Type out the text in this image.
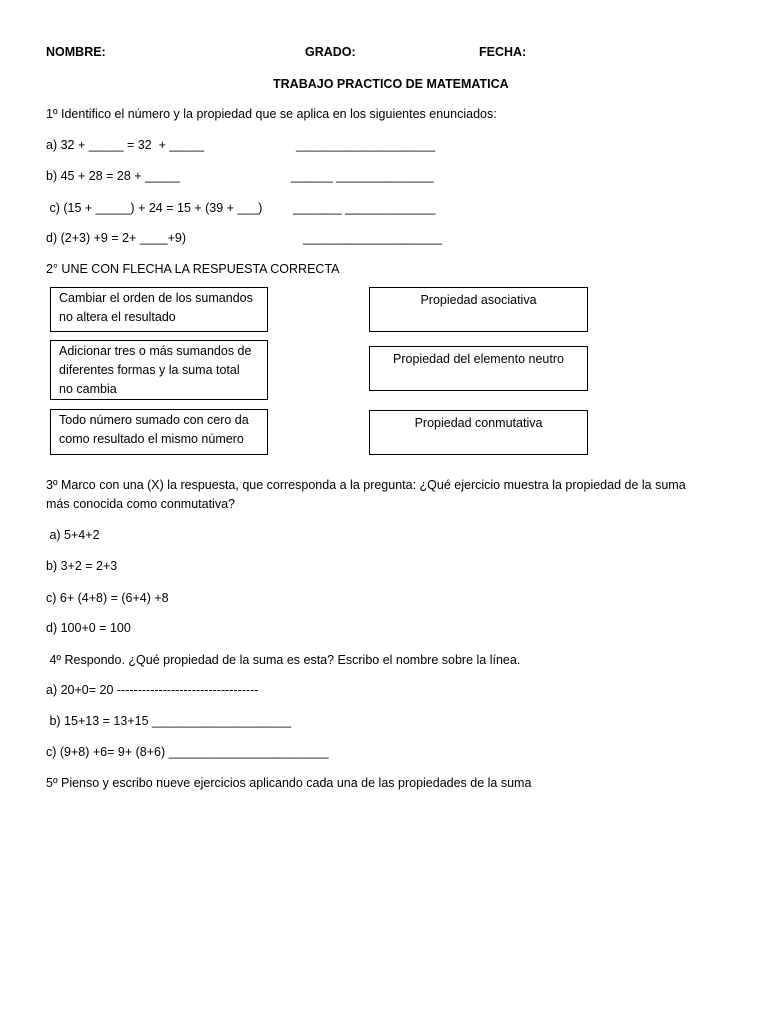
NOMBRE:	GRADO:	FECHA:
TRABAJO PRACTICO DE MATEMATICA
1º Identifico el número y la propiedad que se aplica en los siguientes enunciados:
a) 32 + _____ = 32  + _____	____________________
b) 45 + 28 = 28 + _____	______ ______________
c) (15 + _____) + 24 = 15 + (39 + ___) _______ _____________
d) (2+3) +9 = 2+ ____+9)	____________________
2° UNE CON FLECHA LA RESPUESTA CORRECTA
Cambiar el orden de los sumandos
no altera el resultado
Adicionar tres o más sumandos de
diferentes formas y la suma total
no cambia
Todo número sumado con cero da
como resultado el mismo número
Propiedad asociativa
Propiedad del elemento neutro
Propiedad conmutativa
3º Marco con una (X) la respuesta, que corresponda a la pregunta: ¿Qué ejercicio muestra la propiedad de la suma
más conocida como conmutativa?
a) 5+4+2
b) 3+2 = 2+3
c) 6+ (4+8) = (6+4) +8
d) 100+0 = 100
4º Respondo. ¿Qué propiedad de la suma es esta? Escribo el nombre sobre la línea.
a) 20+0= 20 ----------------------------------
b) 15+13 = 13+15 ____________________
c) (9+8) +6= 9+ (8+6) _______________________
5º Pienso y escribo nueve ejercicios aplicando cada una de las propiedades de la suma
